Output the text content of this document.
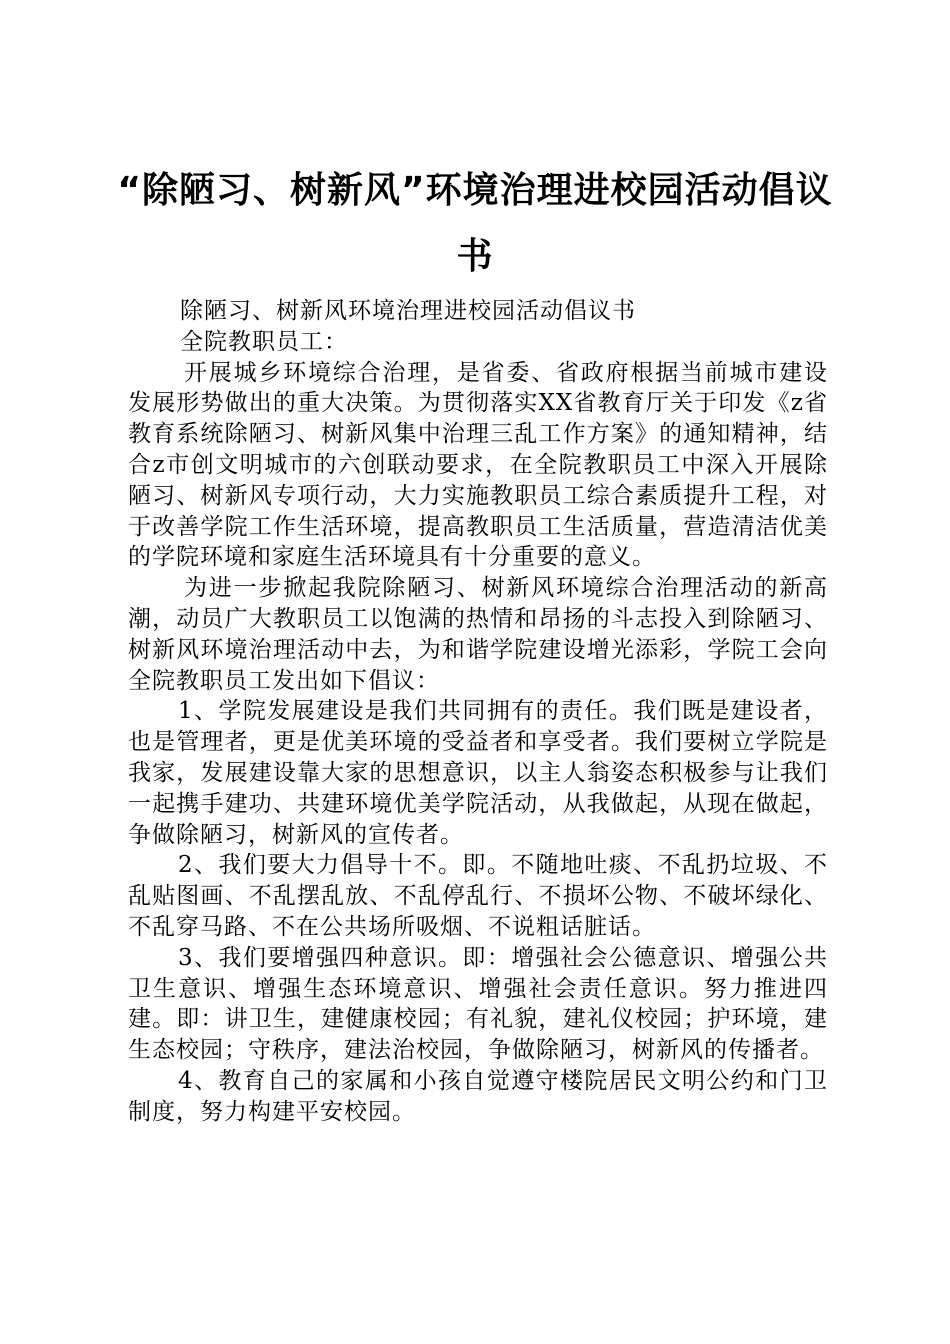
“除陋习、树新风”环境治理进校园活动倡议书

除陋习、树新风环境治理进校园活动倡议书

全院教职员工：

开展城乡环境综合治理，是省委、省政府根据当前城市建设发展形势做出的重大决策。为贯彻落实XX省教育厅关于印发《z省教育系统除陋习、树新风集中治理三乱工作方案》的通知精神，结合z市创文明城市的六创联动要求，在全院教职员工中深入开展除陋习、树新风专项行动，大力实施教职员工综合素质提升工程，对于改善学院工作生活环境，提高教职员工生活质量，营造清洁优美的学院环境和家庭生活环境具有十分重要的意义。

为进一步掀起我院除陋习、树新风环境综合治理活动的新高潮，动员广大教职员工以饱满的热情和昂扬的斗志投入到除陋习、树新风环境治理活动中去，为和谐学院建设增光添彩，学院工会向全院教职员工发出如下倡议：

1、学院发展建设是我们共同拥有的责任。我们既是建设者，也是管理者，更是优美环境的受益者和享受者。我们要树立学院是我家，发展建设靠大家的思想意识，以主人翁姿态积极参与让我们一起携手建功、共建环境优美学院活动，从我做起，从现在做起，争做除陋习，树新风的宣传者。

2、我们要大力倡导十不。即。不随地吐痰、不乱扔垃圾、不乱贴图画、不乱摆乱放、不乱停乱行、不损坏公物、不破坏绿化、不乱穿马路、不在公共场所吸烟、不说粗话脏话。

3、我们要增强四种意识。即：增强社会公德意识、增强公共卫生意识、增强生态环境意识、增强社会责任意识。努力推进四建。即：讲卫生，建健康校园；有礼貌，建礼仪校园；护环境，建生态校园；守秩序，建法治校园，争做除陋习，树新风的传播者。

4、教育自己的家属和小孩自觉遵守楼院居民文明公约和门卫制度，努力构建平安校园。
